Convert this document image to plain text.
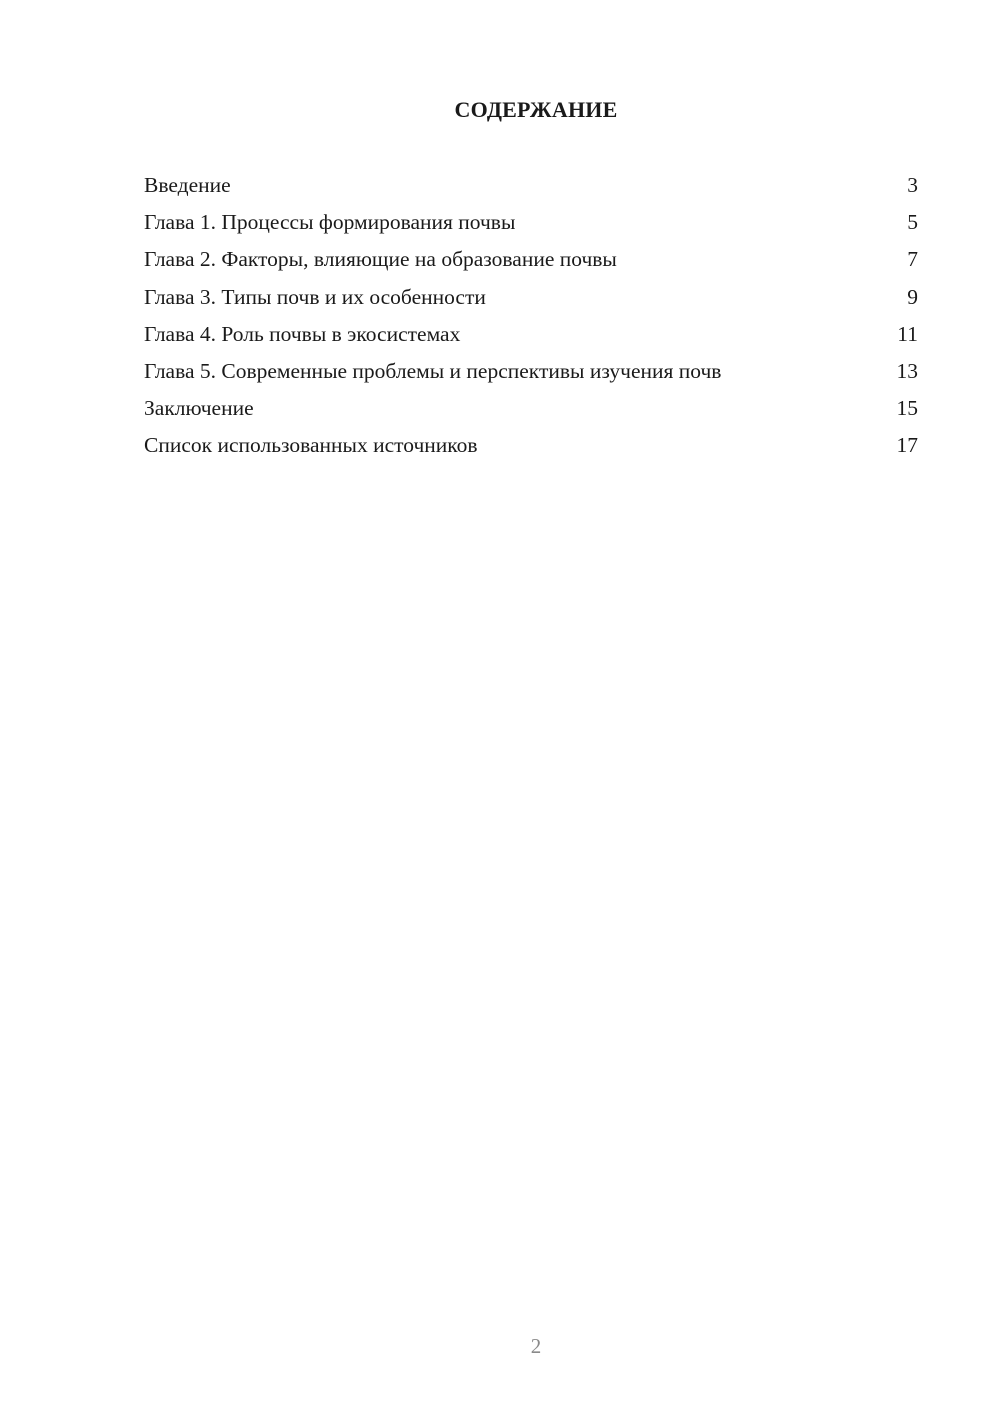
СОДЕРЖАНИЕ
Введение	3
Глава 1. Процессы формирования почвы	5
Глава 2. Факторы, влияющие на образование почвы	7
Глава 3. Типы почв и их особенности	9
Глава 4. Роль почвы в экосистемах	11
Глава 5. Современные проблемы и перспективы изучения почв	13
Заключение	15
Список использованных источников	17
2
